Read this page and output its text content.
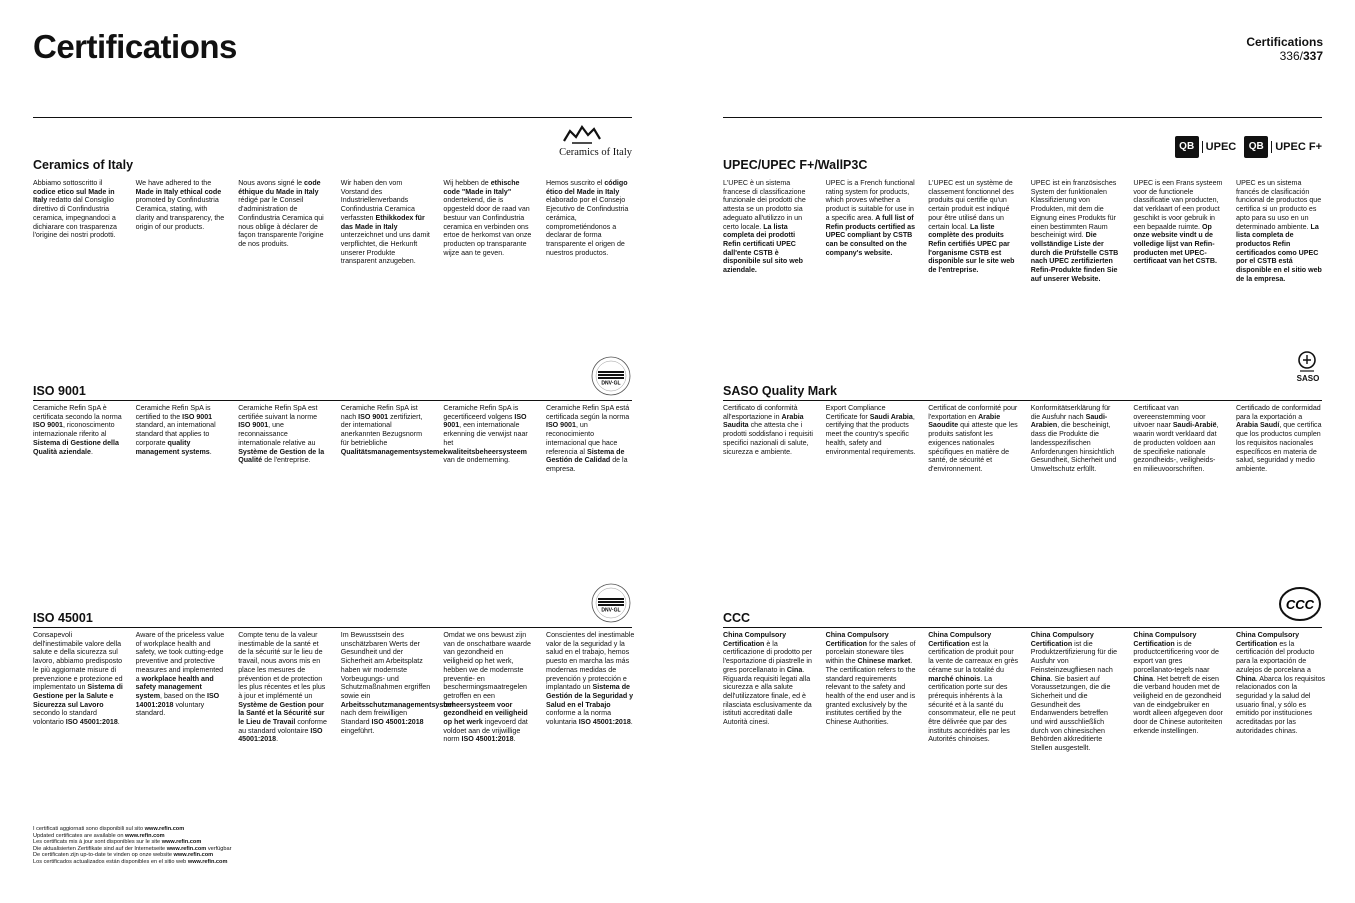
Certifications	Certifications
336/337
Ceramics of Italy
Ceramics of Italy
Abbiamo sottoscritto il codice etico sul Made in Italy redatto dal Consiglio direttivo di Confindustria ceramica, impegnandoci a dichiarare con trasparenza l'origine dei nostri prodotti.
We have adhered to the Made in Italy ethical code promoted by Confindustria Ceramica, stating, with clarity and transparency, the origin of our products.
Nous avons signé le code éthique du Made in Italy rédigé par le Conseil d'administration de Confindustria Ceramica qui nous oblige à déclarer de façon transparente l'origine de nos produits.
Wir haben den vom Vorstand des Industriellenverbands Confindustria Ceramica verfassten Ethikkodex für das Made in Italy unterzeichnet und uns damit verpflichtet, die Herkunft unserer Produkte transparent anzugeben.
Wij hebben de ethische code "Made in Italy" ondertekend, die is opgesteld door de raad van bestuur van Confindustria ceramica en verbinden ons ertoe de herkomst van onze producten op transparante wijze aan te geven.
Hemos suscrito el código ético del Made in Italy elaborado por el Consejo Ejecutivo de Confindustria cerámica, comprometiéndonos a declarar de forma transparente el origen de nuestros productos.
QB	UPEC	QB	UPEC F+
UPEC/UPEC F+/WallP3C
L'UPEC è un sistema francese di classificazione funzionale dei prodotti che attesta se un prodotto sia adeguato all'utilizzo in un certo locale. La lista completa dei prodotti Refin certificati UPEC dall'ente CSTB è disponibile sul sito web aziendale.
UPEC is a French functional rating system for products, which proves whether a product is suitable for use in a specific area. A full list of Refin products certified as UPEC compliant by CSTB can be consulted on the company's website.
L'UPEC est un système de classement fonctionnel des produits qui certifie qu'un certain produit est indiqué pour être utilisé dans un certain local. La liste complète des produits Refin certifiés UPEC par l'organisme CSTB est disponible sur le site web de l'entreprise.
UPEC ist ein französisches System der funktionalen Klassifizierung von Produkten, mit dem die Eignung eines Produkts für einen bestimmten Raum bescheinigt wird. Die vollständige Liste der durch die Prüfstelle CSTB nach UPEC zertifizierten Refin-Produkte finden Sie auf unserer Website.
UPEC is een Frans systeem voor de functionele classificatie van producten, dat verklaart of een product geschikt is voor gebruik in een bepaalde ruimte. Op onze website vindt u de volledige lijst van Refin-producten met UPEC-certificaat van het CSTB.
UPEC es un sistema francés de clasificación funcional de productos que certifica si un producto es apto para su uso en un determinado ambiente. La lista completa de productos Refin certificados como UPEC por el CSTB está disponible en el sitio web de la empresa.
DNV·GL
ISO 9001
Ceramiche Refin SpA è certificata secondo la norma ISO 9001, riconoscimento internazionale riferito al Sistema di Gestione della Qualità aziendale.
Ceramiche Refin SpA is certified to the ISO 9001 standard, an international standard that applies to corporate quality management systems.
Ceramiche Refin SpA est certifiée suivant la norme ISO 9001, une reconnaissance internationale relative au Système de Gestion de la Qualité de l'entreprise.
Ceramiche Refin SpA ist nach ISO 9001 zertifiziert, der international anerkannten Bezugsnorm für betriebliche Qualitätsmanagementsysteme.
Ceramiche Refin SpA is gecertificeerd volgens ISO 9001, een internationale erkenning die verwijst naar het kwaliteitsbeheersysteem van de onderneming.
Ceramiche Refin SpA está certificada según la norma ISO 9001, un reconocimiento internacional que hace referencia al Sistema de Gestión de Calidad de la empresa.
SASO
SASO Quality Mark
Certificato di conformità all'esportazione in Arabia Saudita che attesta che i prodotti soddisfano i requisiti specifici nazionali di salute, sicurezza e ambiente.
Export Compliance Certificate for Saudi Arabia, certifying that the products meet the country's specific health, safety and environmental requirements.
Certificat de conformité pour l'exportation en Arabie Saoudite qui atteste que les produits satisfont les exigences nationales spécifiques en matière de santé, de sécurité et d'environnement.
Konformitätserklärung für die Ausfuhr nach Saudi-Arabien, die bescheinigt, dass die Produkte die landesspezifischen Anforderungen hinsichtlich Gesundheit, Sicherheit und Umweltschutz erfüllt.
Certificaat van overeenstemming voor uitvoer naar Saudi-Arabië, waarin wordt verklaard dat de producten voldoen aan de specifieke nationale gezondheids-, veiligheids- en milieuvoorschriften.
Certificado de conformidad para la exportación a Arabia Saudí, que certifica que los productos cumplen los requisitos nacionales específicos en materia de salud, seguridad y medio ambiente.
DNV·GL
ISO 45001
Consapevoli dell'inestimabile valore della salute e della sicurezza sul lavoro, abbiamo predisposto le più aggiornate misure di prevenzione e protezione ed implementato un Sistema di Gestione per la Salute e Sicurezza sul Lavoro secondo lo standard volontario ISO 45001:2018.
Aware of the priceless value of workplace health and safety, we took cutting-edge preventive and protective measures and implemented a workplace health and safety management system, based on the ISO 14001:2018 voluntary standard.
Compte tenu de la valeur inestimable de la santé et de la sécurité sur le lieu de travail, nous avons mis en place les mesures de prévention et de protection les plus récentes et les plus à jour et implémenté un Système de Gestion pour la Santé et la Sécurité sur le Lieu de Travail conforme au standard volontaire ISO 45001:2018.
Im Bewusstsein des unschätzbaren Werts der Gesundheit und der Sicherheit am Arbeitsplatz haben wir modernste Vorbeugungs- und Schutzmaßnahmen ergriffen sowie ein Arbeitsschutzmanagementsystem nach dem freiwilligen Standard ISO 45001:2018 eingeführt.
Omdat we ons bewust zijn van de onschatbare waarde van gezondheid en veiligheid op het werk, hebben we de modernste preventie- en beschermingsmaatregelen getroffen en een beheersysteem voor gezondheid en veiligheid op het werk ingevoerd dat voldoet aan de vrijwillige norm ISO 45001:2018.
Conscientes del inestimable valor de la seguridad y la salud en el trabajo, hemos puesto en marcha las más modernas medidas de prevención y protección e implantado un Sistema de Gestión de la Seguridad y Salud en el Trabajo conforme a la norma voluntaria ISO 45001:2018.
CCC
CCC
China Compulsory Certification è la certificazione di prodotto per l'esportazione di piastrelle in gres porcellanato in Cina. Riguarda requisiti legati alla sicurezza e alla salute dell'utilizzatore finale, ed è rilasciata esclusivamente da istituti accreditati dalle Autorità cinesi.
China Compulsory Certification for the sales of porcelain stoneware tiles within the Chinese market. The certification refers to the standard requirements relevant to the safety and health of the end user and is granted exclusively by the institutes certified by the Chinese Authorities.
China Compulsory Certification est la certification de produit pour la vente de carreaux en grès cérame sur la totalité du marché chinois. La certification porte sur des prérequis inhérents à la sécurité et à la santé du consommateur, elle ne peut être délivrée que par des instituts accrédités par les Autorités chinoises.
China Compulsory Certification ist die Produktzertifizierung für die Ausfuhr von Feinsteinzeugfliesen nach China. Sie basiert auf Voraussetzungen, die die Sicherheit und die Gesundheit des Endanwenders betreffen und wird ausschließlich durch von chinesischen Behörden akkreditierte Stellen ausgestellt.
China Compulsory Certification is de productcertificering voor de export van gres porcellanato-tegels naar China. Het betreft de eisen die verband houden met de veiligheid en de gezondheid van de eindgebruiker en wordt alleen afgegeven door door de Chinese autoriteiten erkende instellingen.
China Compulsory Certification es la certificación del producto para la exportación de azulejos de porcelana a China. Abarca los requisitos relacionados con la seguridad y la salud del usuario final, y sólo es emitido por instituciones acreditadas por las autoridades chinas.
I certificati aggiornati sono disponibili sul sito www.refin.com
Updated certificates are available on www.refin.com
Les certificats mis à jour sont disponibles sur le site www.refin.com
Die aktualisierten Zertifikate sind auf der Internetseite www.refin.com verfügbar
De certificaten zijn up-to-date te vinden op onze website www.refin.com
Los certificados actualizados están disponibles en el sitio web www.refin.com
